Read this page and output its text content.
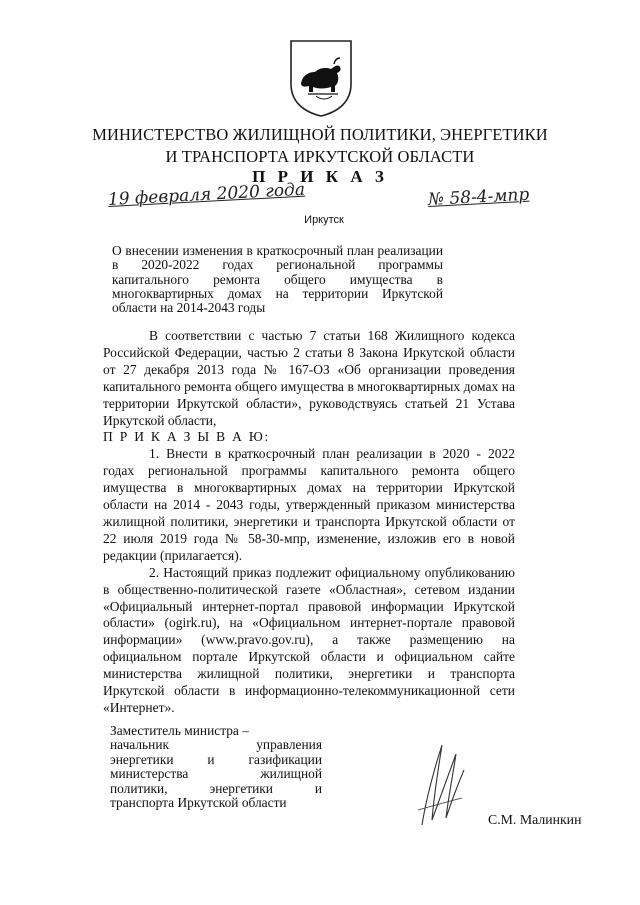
МИНИСТЕРСТВО ЖИЛИЩНОЙ ПОЛИТИКИ, ЭНЕРГЕТИКИ
И ТРАНСПОРТА ИРКУТСКОЙ ОБЛАСТИ
П Р И К А З
19 февраля 2020 года	№ 58-4-мпр
Иркутск
О внесении изменения в краткосрочный план реализации в 2020-2022 годах региональной программы капитального ремонта общего имущества в многоквартирных домах на территории Иркутской области на 2014-2043 годы

В соответствии с частью 7 статьи 168 Жилищного кодекса Российской Федерации, частью 2 статьи 8 Закона Иркутской области от 27 декабря 2013 года № 167-ОЗ «Об организации проведения капитального ремонта общего имущества в многоквартирных домах на территории Иркутской области», руководствуясь статьей 21 Устава Иркутской области,

П Р И К А З Ы В А Ю:

1. Внести в краткосрочный план реализации в 2020 - 2022 годах региональной программы капитального ремонта общего имущества в многоквартирных домах на территории Иркутской области на 2014 - 2043 годы, утвержденный приказом министерства жилищной политики, энергетики и транспорта Иркутской области от 22 июля 2019 года № 58-30-мпр, изменение, изложив его в новой редакции (прилагается).

2. Настоящий приказ подлежит официальному опубликованию в общественно-политической газете «Областная», сетевом издании «Официальный интернет-портал правовой информации Иркутской области» (ogirk.ru), на «Официальном интернет-портале правовой информации» (www.pravo.gov.ru), а также размещению на официальном портале Иркутской области и официальном сайте министерства жилищной политики, энергетики и транспорта Иркутской области в информационно-телекоммуникационной сети «Интернет».

Заместитель министра –
начальник управления
энергетики и газификации
министерства жилищной
политики, энергетики и
транспорта Иркутской области
С.М. Малинкин
